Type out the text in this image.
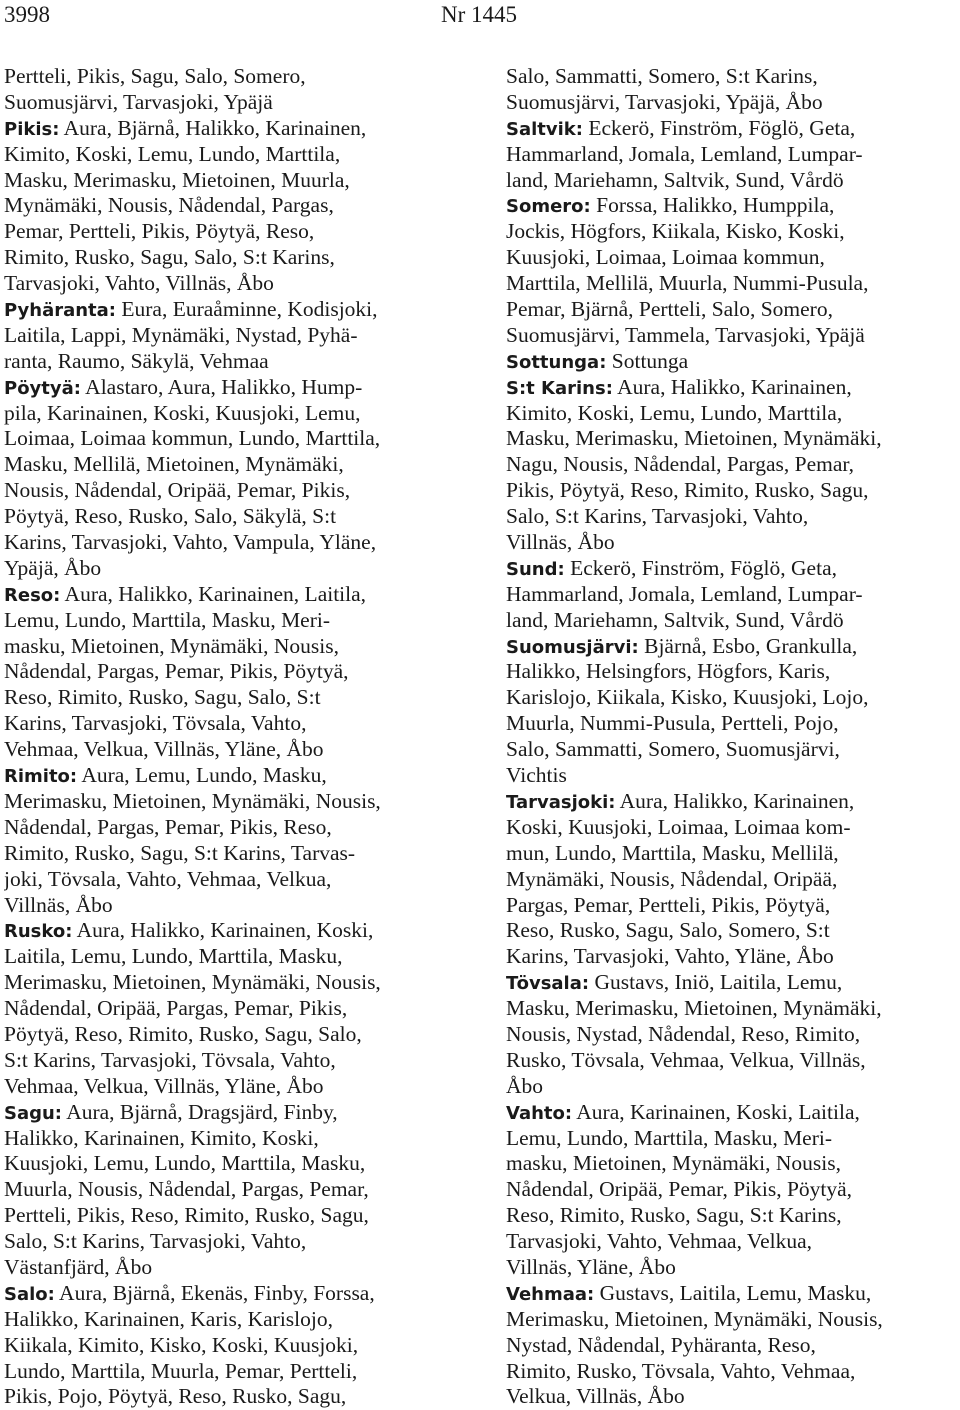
3998	Nr 1445
Pertteli, Pikis, Sagu, Salo, Somero,
Suomusjärvi, Tarvasjoki, Ypäjä
Pikis: Aura, Bjärnå, Halikko, Karinainen,
Kimito, Koski, Lemu, Lundo, Marttila,
Masku, Merimasku, Mietoinen, Muurla,
Mynämäki, Nousis, Nådendal, Pargas,
Pemar, Pertteli, Pikis, Pöytyä, Reso,
Rimito, Rusko, Sagu, Salo, S:t Karins,
Tarvasjoki, Vahto, Villnäs, Åbo
Pyhäranta: Eura, Euraåminne, Kodisjoki,
Laitila, Lappi, Mynämäki, Nystad, Pyhä-
ranta, Raumo, Säkylä, Vehmaa
Pöytyä: Alastaro, Aura, Halikko, Hump-
pila, Karinainen, Koski, Kuusjoki, Lemu,
Loimaa, Loimaa kommun, Lundo, Marttila,
Masku, Mellilä, Mietoinen, Mynämäki,
Nousis, Nådendal, Oripää, Pemar, Pikis,
Pöytyä, Reso, Rusko, Salo, Säkylä, S:t
Karins, Tarvasjoki, Vahto, Vampula, Yläne,
Ypäjä, Åbo
Reso: Aura, Halikko, Karinainen, Laitila,
Lemu, Lundo, Marttila, Masku, Meri-
masku, Mietoinen, Mynämäki, Nousis,
Nådendal, Pargas, Pemar, Pikis, Pöytyä,
Reso, Rimito, Rusko, Sagu, Salo, S:t
Karins, Tarvasjoki, Tövsala, Vahto,
Vehmaa, Velkua, Villnäs, Yläne, Åbo
Rimito: Aura, Lemu, Lundo, Masku,
Merimasku, Mietoinen, Mynämäki, Nousis,
Nådendal, Pargas, Pemar, Pikis, Reso,
Rimito, Rusko, Sagu, S:t Karins, Tarvas-
joki, Tövsala, Vahto, Vehmaa, Velkua,
Villnäs, Åbo
Rusko: Aura, Halikko, Karinainen, Koski,
Laitila, Lemu, Lundo, Marttila, Masku,
Merimasku, Mietoinen, Mynämäki, Nousis,
Nådendal, Oripää, Pargas, Pemar, Pikis,
Pöytyä, Reso, Rimito, Rusko, Sagu, Salo,
S:t Karins, Tarvasjoki, Tövsala, Vahto,
Vehmaa, Velkua, Villnäs, Yläne, Åbo
Sagu: Aura, Bjärnå, Dragsjärd, Finby,
Halikko, Karinainen, Kimito, Koski,
Kuusjoki, Lemu, Lundo, Marttila, Masku,
Muurla, Nousis, Nådendal, Pargas, Pemar,
Pertteli, Pikis, Reso, Rimito, Rusko, Sagu,
Salo, S:t Karins, Tarvasjoki, Vahto,
Västanfjärd, Åbo
Salo: Aura, Bjärnå, Ekenäs, Finby, Forssa,
Halikko, Karinainen, Karis, Karislojo,
Kiikala, Kimito, Kisko, Koski, Kuusjoki,
Lundo, Marttila, Muurla, Pemar, Pertteli,
Pikis, Pojo, Pöytyä, Reso, Rusko, Sagu,
Salo, Sammatti, Somero, S:t Karins,
Suomusjärvi, Tarvasjoki, Ypäjä, Åbo
Saltvik: Eckerö, Finström, Föglö, Geta,
Hammarland, Jomala, Lemland, Lumpar-
land, Mariehamn, Saltvik, Sund, Vårdö
Somero: Forssa, Halikko, Humppila,
Jockis, Högfors, Kiikala, Kisko, Koski,
Kuusjoki, Loimaa, Loimaa kommun,
Marttila, Mellilä, Muurla, Nummi-Pusula,
Pemar, Bjärnå, Pertteli, Salo, Somero,
Suomusjärvi, Tammela, Tarvasjoki, Ypäjä
Sottunga: Sottunga
S:t Karins: Aura, Halikko, Karinainen,
Kimito, Koski, Lemu, Lundo, Marttila,
Masku, Merimasku, Mietoinen, Mynämäki,
Nagu, Nousis, Nådendal, Pargas, Pemar,
Pikis, Pöytyä, Reso, Rimito, Rusko, Sagu,
Salo, S:t Karins, Tarvasjoki, Vahto,
Villnäs, Åbo
Sund: Eckerö, Finström, Föglö, Geta,
Hammarland, Jomala, Lemland, Lumpar-
land, Mariehamn, Saltvik, Sund, Vårdö
Suomusjärvi: Bjärnå, Esbo, Grankulla,
Halikko, Helsingfors, Högfors, Karis,
Karislojo, Kiikala, Kisko, Kuusjoki, Lojo,
Muurla, Nummi-Pusula, Pertteli, Pojo,
Salo, Sammatti, Somero, Suomusjärvi,
Vichtis
Tarvasjoki: Aura, Halikko, Karinainen,
Koski, Kuusjoki, Loimaa, Loimaa kom-
mun, Lundo, Marttila, Masku, Mellilä,
Mynämäki, Nousis, Nådendal, Oripää,
Pargas, Pemar, Pertteli, Pikis, Pöytyä,
Reso, Rusko, Sagu, Salo, Somero, S:t
Karins, Tarvasjoki, Vahto, Yläne, Åbo
Tövsala: Gustavs, Iniö, Laitila, Lemu,
Masku, Merimasku, Mietoinen, Mynämäki,
Nousis, Nystad, Nådendal, Reso, Rimito,
Rusko, Tövsala, Vehmaa, Velkua, Villnäs,
Åbo
Vahto: Aura, Karinainen, Koski, Laitila,
Lemu, Lundo, Marttila, Masku, Meri-
masku, Mietoinen, Mynämäki, Nousis,
Nådendal, Oripää, Pemar, Pikis, Pöytyä,
Reso, Rimito, Rusko, Sagu, S:t Karins,
Tarvasjoki, Vahto, Vehmaa, Velkua,
Villnäs, Yläne, Åbo
Vehmaa: Gustavs, Laitila, Lemu, Masku,
Merimasku, Mietoinen, Mynämäki, Nousis,
Nystad, Nådendal, Pyhäranta, Reso,
Rimito, Rusko, Tövsala, Vahto, Vehmaa,
Velkua, Villnäs, Åbo
